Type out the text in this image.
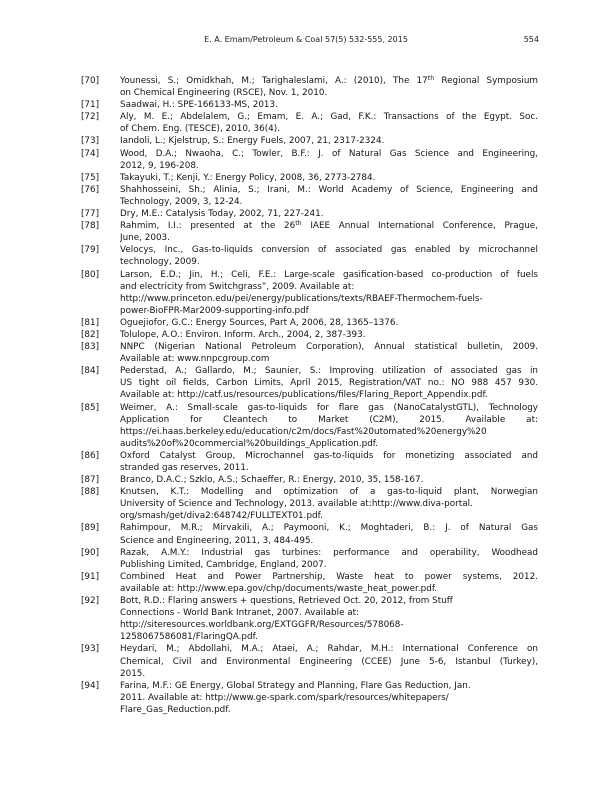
E. A. Emam/Petroleum & Coal 57(5) 532-555, 2015	554
[70]	Younessi, S.; Omidkhah, M.; Tarighaleslami, A.: (2010), The 17th Regional Symposium
on Chemical Engineering (RSCE), Nov. 1, 2010.
[71]	Saadwai, H.: SPE-166133-MS, 2013.
[72]	Aly, M. E.; Abdelalem, G.; Emam, E. A.; Gad, F.K.: Transactions of the Egypt. Soc.
of Chem. Eng. (TESCE), 2010, 36(4).
[73]	Iandoli, L.; Kjelstrup, S.: Energy Fuels, 2007, 21, 2317-2324.
[74]	Wood, D.A.; Nwaoha, C.; Towler, B.F.: J. of Natural Gas Science and Engineering,
2012, 9, 196-208.
[75]	Takayuki, T.; Kenji, Y.: Energy Policy, 2008, 36, 2773-2784.
[76]	Shahhosseini, Sh.; Alinia, S.; Irani, M.: World Academy of Science, Engineering and
Technology, 2009, 3, 12-24.
[77]	Dry, M.E.: Catalysis Today, 2002, 71, 227-241.
[78]	Rahmim, I.I.: presented at the 26th IAEE Annual International Conference, Prague,
June, 2003.
[79]	Velocys, Inc., Gas-to-liquids conversion of associated gas enabled by microchannel
technology, 2009.
[80]	Larson, E.D.; Jin, H.; Celi, F.E.: Large-scale gasification-based co-production of fuels
and electricity from Switchgrass”, 2009. Available at:
http://www.princeton.edu/pei/energy/publications/texts/RBAEF-Thermochem-fuels-
power-BioFPR-Mar2009-supporting-info.pdf
[81]	Oguejiofor, G.C.: Energy Sources, Part A, 2006, 28, 1365–1376.
[82]	Tolulope, A.O.: Environ. Inform. Arch., 2004, 2, 387-393.
[83]	NNPC (Nigerian National Petroleum Corporation), Annual statistical bulletin, 2009.
Available at: www.nnpcgroup.com
[84]	Pederstad, A.; Gallardo, M.; Saunier, S.: Improving utilization of associated gas in
US tight oil fields, Carbon Limits, April 2015, Registration/VAT no.: NO 988 457 930.
Available at: http://catf.us/resources/publications/files/Flaring_Report_Appendix.pdf.
[85]	Weimer, A.: Small-scale gas-to-liquids for flare gas (NanoCatalystGTL), Technology
Application for Cleantech to Market (C2M), 2015. Available at:
https://ei.haas.berkeley.edu/education/c2m/docs/Fast%20utomated%20energy%20
audits%20of%20commercial%20buildings_Application.pdf.
[86]	Oxford Catalyst Group, Microchannel gas-to-liquids for monetizing associated and
stranded gas reserves, 2011.
[87]	Branco, D.A.C.; Szklo, A.S.; Schaeffer, R.: Energy, 2010, 35, 158-167.
[88]	Knutsen, K.T.: Modelling and optimization of a gas-to-liquid plant, Norwegian
University of Science and Technology, 2013. available at:http://www.diva-portal.
org/smash/get/diva2:648742/FULLTEXT01.pdf.
[89]	Rahimpour, M.R.; Mirvakili, A.; Paymooni, K.; Moghtaderi, B.: J. of Natural Gas
Science and Engineering, 2011, 3, 484-495.
[90]	Razak, A.M.Y.: Industrial gas turbines: performance and operability, Woodhead
Publishing Limited, Cambridge, England, 2007.
[91]	Combined Heat and Power Partnership, Waste heat to power systems, 2012.
available at: http://www.epa.gov/chp/documents/waste_heat_power.pdf.
[92]	Bott, R.D.: Flaring answers + questions, Retrieved Oct. 20, 2012, from Stuff
Connections - World Bank Intranet, 2007. Available at:
http://siteresources.worldbank.org/EXTGGFR/Resources/578068-
1258067586081/FlaringQA.pdf.
[93]	Heydari, M.; Abdollahi, M.A.; Ataei, A.; Rahdar, M.H.: International Conference on
Chemical, Civil and Environmental Engineering (CCEE) June 5-6, Istanbul (Turkey),
2015.
[94]	Farina, M.F.: GE Energy, Global Strategy and Planning, Flare Gas Reduction, Jan.
2011. Available at: http://www.ge-spark.com/spark/resources/whitepapers/
Flare_Gas_Reduction.pdf.
